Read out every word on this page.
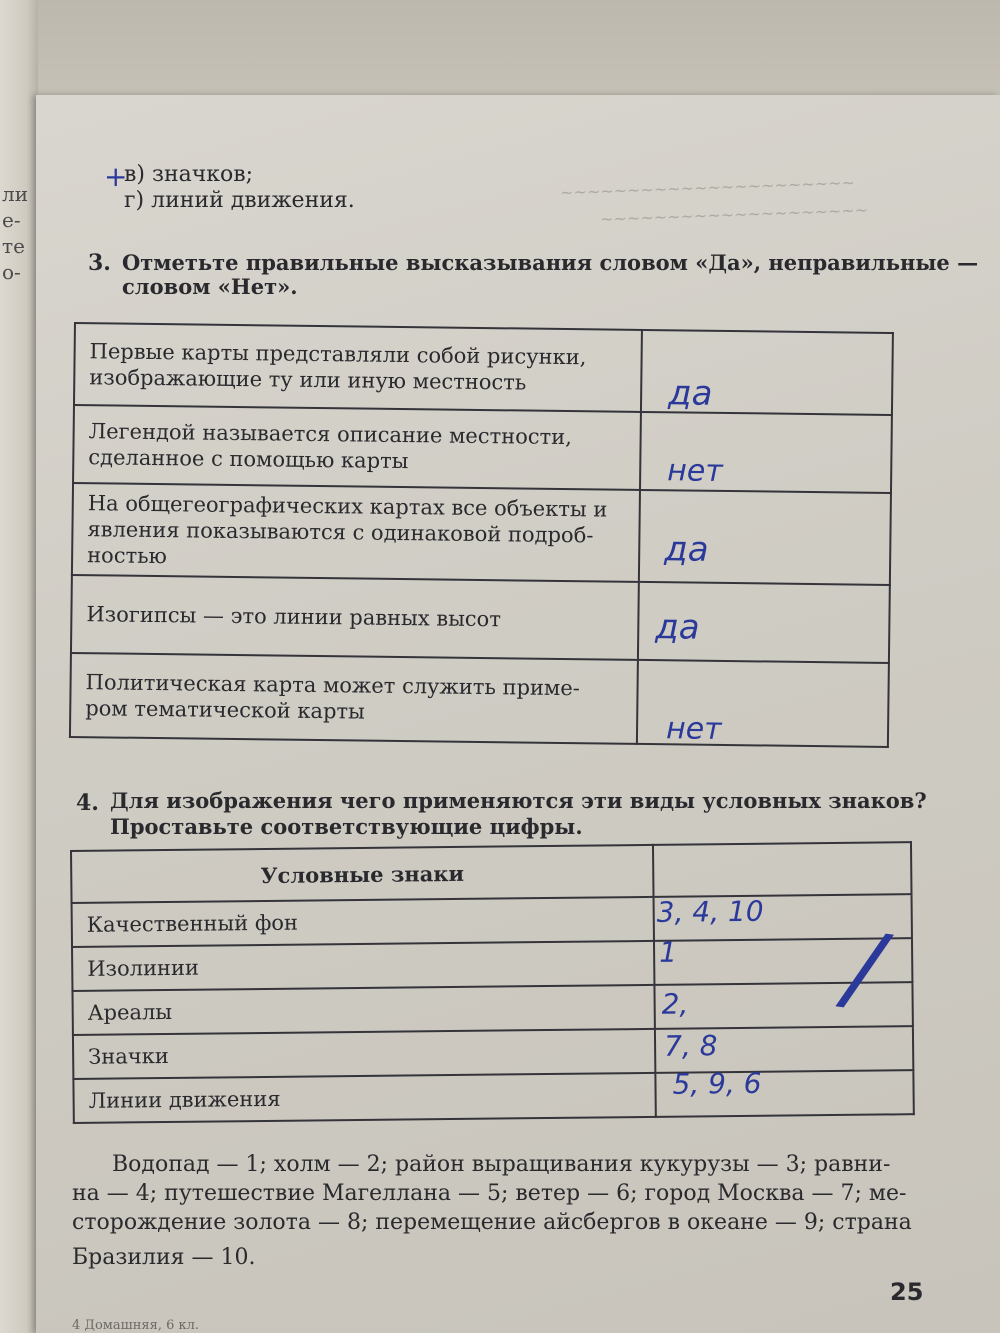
ли
е-
те
о-
~~~~~~~~~~~~~~~~~~~~~~
~~~~~~~~~~~~~~~~~~~~
+
в) значков;
г) линий движения.
3. Отметьте правильные высказывания словом «Да», неправильные —
словом «Нет».
Первые карты представляли собой рисунки,
изображающие ту или иную местность	да

Легендой называется описание местности,
сделанное с помощью карты	нет

На общегеографических картах все объекты и
явления показываются с одинаковой подроб-
ностью	да

Изогипсы — это линии равных высот	да

Политическая карта может служить приме-
ром тематической карты	нет
4. Для изображения чего применяются эти виды условных знаков?
Проставьте соответствующие цифры.
Условные знаки	
Качественный фон	3, 4, 10

Изолинии	1

Ареалы	2,

Значки	7, 8

Линии движения	5, 9, 6
/
Водопад — 1; холм — 2; район выращивания кукурузы — 3; равни-
на — 4; путешествие Магеллана — 5; ветер — 6; город Москва — 7; ме-
сторождение золота — 8; перемещение айсбергов в океане — 9; страна
Бразилия — 10.
25
4 Домашняя, 6 кл.
